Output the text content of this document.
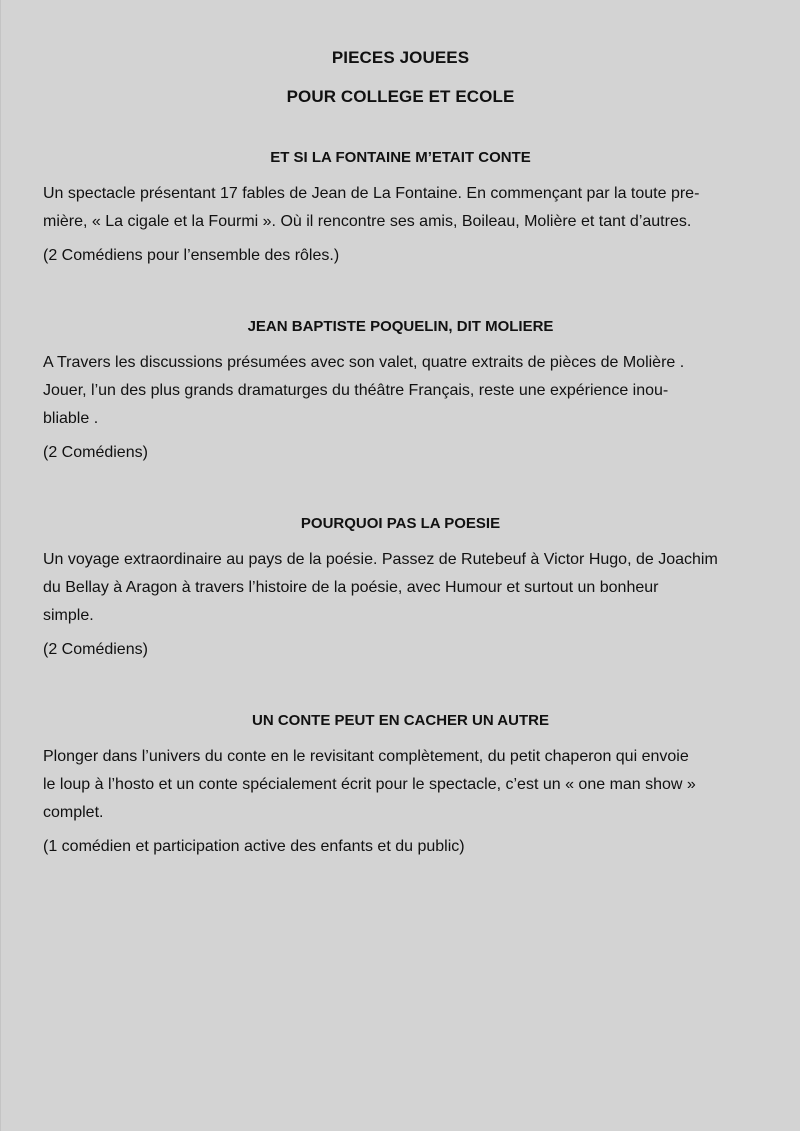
PIECES JOUEES
POUR COLLEGE ET ECOLE
ET SI LA FONTAINE M’ETAIT CONTE
Un spectacle présentant 17 fables de Jean de La Fontaine. En commençant par la toute pre-
mière, « La cigale et la Fourmi ». Où il rencontre ses amis, Boileau, Molière et tant d’autres.
(2 Comédiens pour l’ensemble des rôles.)
JEAN BAPTISTE POQUELIN, DIT MOLIERE
A Travers les discussions présumées avec son valet, quatre extraits de pièces de Molière .
Jouer, l’un des plus grands dramaturges du théâtre Français, reste une expérience inou-
bliable .
(2 Comédiens)
POURQUOI PAS LA POESIE
Un voyage extraordinaire au pays de la poésie. Passez de Rutebeuf à Victor Hugo, de Joachim
du Bellay à Aragon à travers l’histoire de la poésie, avec Humour et surtout un bonheur
simple.
(2 Comédiens)
UN CONTE PEUT EN CACHER UN AUTRE
Plonger dans l’univers du conte en le revisitant complètement, du petit chaperon qui envoie
le loup à l’hosto et un conte spécialement écrit pour le spectacle, c’est un « one man show »
complet.
(1 comédien et participation active des enfants et du public)
